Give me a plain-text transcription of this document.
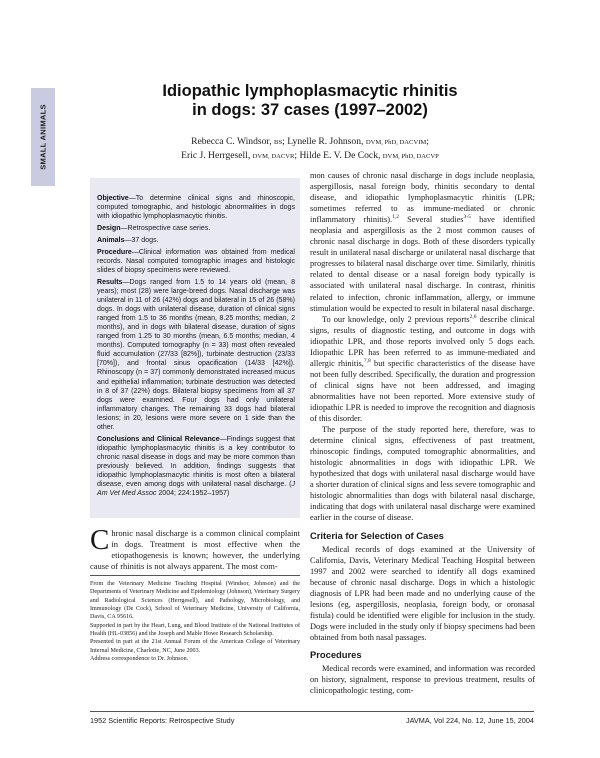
SMALL ANIMALS
Idiopathic lymphoplasmacytic rhinitis
in dogs: 37 cases (1997–2002)
Rebecca C. Windsor, BS; Lynelle R. Johnson, DVM, PhD, DACVIM;
Eric J. Herrgesell, DVM, DACVR; Hilde E. V. De Cock, DVM, PhD, DACVP

Objective—To determine clinical signs and rhinoscopic, computed tomographic, and histologic abnormalities in dogs with idiopathic lymphoplasmacytic rhinitis.

Design—Retrospective case series.

Animals—37 dogs.

Procedure—Clinical information was obtained from medical records. Nasal computed tomographic images and histologic slides of biopsy specimens were reviewed.

Results—Dogs ranged from 1.5 to 14 years old (mean, 8 years); most (28) were large-breed dogs. Nasal discharge was unilateral in 11 of 26 (42%) dogs and bilateral in 15 of 26 (58%) dogs. In dogs with unilateral disease, duration of clinical signs ranged from 1.5 to 36 months (mean, 8.25 months; median, 2 months), and in dogs with bilateral disease, duration of signs ranged from 1.25 to 30 months (mean, 6.5 months; median, 4 months). Computed tomography (n = 33) most often revealed fluid accumulation (27/33 [82%]), turbinate destruction (23/33 [70%]), and frontal sinus opacification (14/33 [42%]). Rhinoscopy (n = 37) commonly demonstrated increased mucus and epithelial inflammation; turbinate destruction was detected in 8 of 37 (22%) dogs. Bilateral biopsy specimens from all 37 dogs were examined. Four dogs had only unilateral inflammatory changes. The remaining 33 dogs had bilateral lesions; in 20, lesions were more severe on 1 side than the other.

Conclusions and Clinical Relevance—Findings suggest that idiopathic lymphoplasmacytic rhinitis is a key contributor to chronic nasal disease in dogs and may be more common than previously believed. In addition, findings suggests that idiopathic lymphoplasmacytic rhinitis is most often a bilateral disease, even among dogs with unilateral nasal discharge. (J Am Vet Med Assoc 2004; 224:1952–1957)

Chronic nasal discharge is a common clinical complaint in dogs. Treatment is most effective when the etiopathogenesis is known; however, the underlying cause of rhinitis is not always apparent. The most com-

From the Veterinary Medicine Teaching Hospital (Windsor, Johnson) and the Departments of Veterinary Medicine and Epidemiology (Johnson), Veterinary Surgery and Radiological Sciences (Herrgesell), and Pathology, Microbiology, and Immunology (De Cock), School of Veterinary Medicine, University of California, Davis, CA 95616.

Supported in part by the Heart, Lung, and Blood Institute of the National Institutes of Health (HL-03856) and the Joseph and Mable Howe Research Scholarship.

Presented in part at the 21st Annual Forum of the American College of Veterinary Internal Medicine, Charlotte, NC, June 2003.

Address correspondence to Dr. Johnson.

mon causes of chronic nasal discharge in dogs include neoplasia, aspergillosis, nasal foreign body, rhinitis secondary to dental disease, and idiopathic lymphoplasmacytic rhinitis (LPR; sometimes referred to as immune-mediated or chronic inflammatory rhinitis).$^{1,2}$ Several studies$^{3-5}$ have identified neoplasia and aspergillosis as the 2 most common causes of chronic nasal discharge in dogs. Both of these disorders typically result in unilateral nasal discharge or unilateral nasal discharge that progresses to bilateral nasal discharge over time. Similarly, rhinitis related to dental disease or a nasal foreign body typically is associated with unilateral nasal discharge. In contrast, rhinitis related to infection, chronic inflammation, allergy, or immune stimulation would be expected to result in bilateral nasal discharge.

To our knowledge, only 2 previous reports$^{2,6}$ describe clinical signs, results of diagnostic testing, and outcome in dogs with idiopathic LPR, and those reports involved only 5 dogs each. Idiopathic LPR has been referred to as immune-mediated and allergic rhinitis,$^{7,8}$ but specific characteristics of the disease have not been fully described. Specifically, the duration and progression of clinical signs have not been addressed, and imaging abnormalities have not been reported. More extensive study of idiopathic LPR is needed to improve the recognition and diagnosis of this disorder.

The purpose of the study reported here, therefore, was to determine clinical signs, effectiveness of past treatment, rhinoscopic findings, computed tomographic abnormalities, and histologic abnormalities in dogs with idiopathic LPR. We hypothesized that dogs with unilateral nasal discharge would have a shorter duration of clinical signs and less severe tomographic and histologic abnormalities than dogs with bilateral nasal discharge, indicating that dogs with unilateral nasal discharge were examined earlier in the course of disease.

Criteria for Selection of Cases

Medical records of dogs examined at the University of California, Davis, Veterinary Medical Teaching Hospital between 1997 and 2002 were searched to identify all dogs examined because of chronic nasal discharge. Dogs in which a histologic diagnosis of LPR had been made and no underlying cause of the lesions (eg, aspergillosis, neoplasia, foreign body, or oronasal fistula) could be identified were eligible for inclusion in the study. Dogs were included in the study only if biopsy specimens had been obtained from both nasal passages.

Procedures

Medical records were examined, and information was recorded on history, signalment, response to previous treatment, results of clinicopathologic testing, com-

1952 Scientific Reports: Retrospective Study	JAVMA, Vol 224, No. 12, June 15, 2004
